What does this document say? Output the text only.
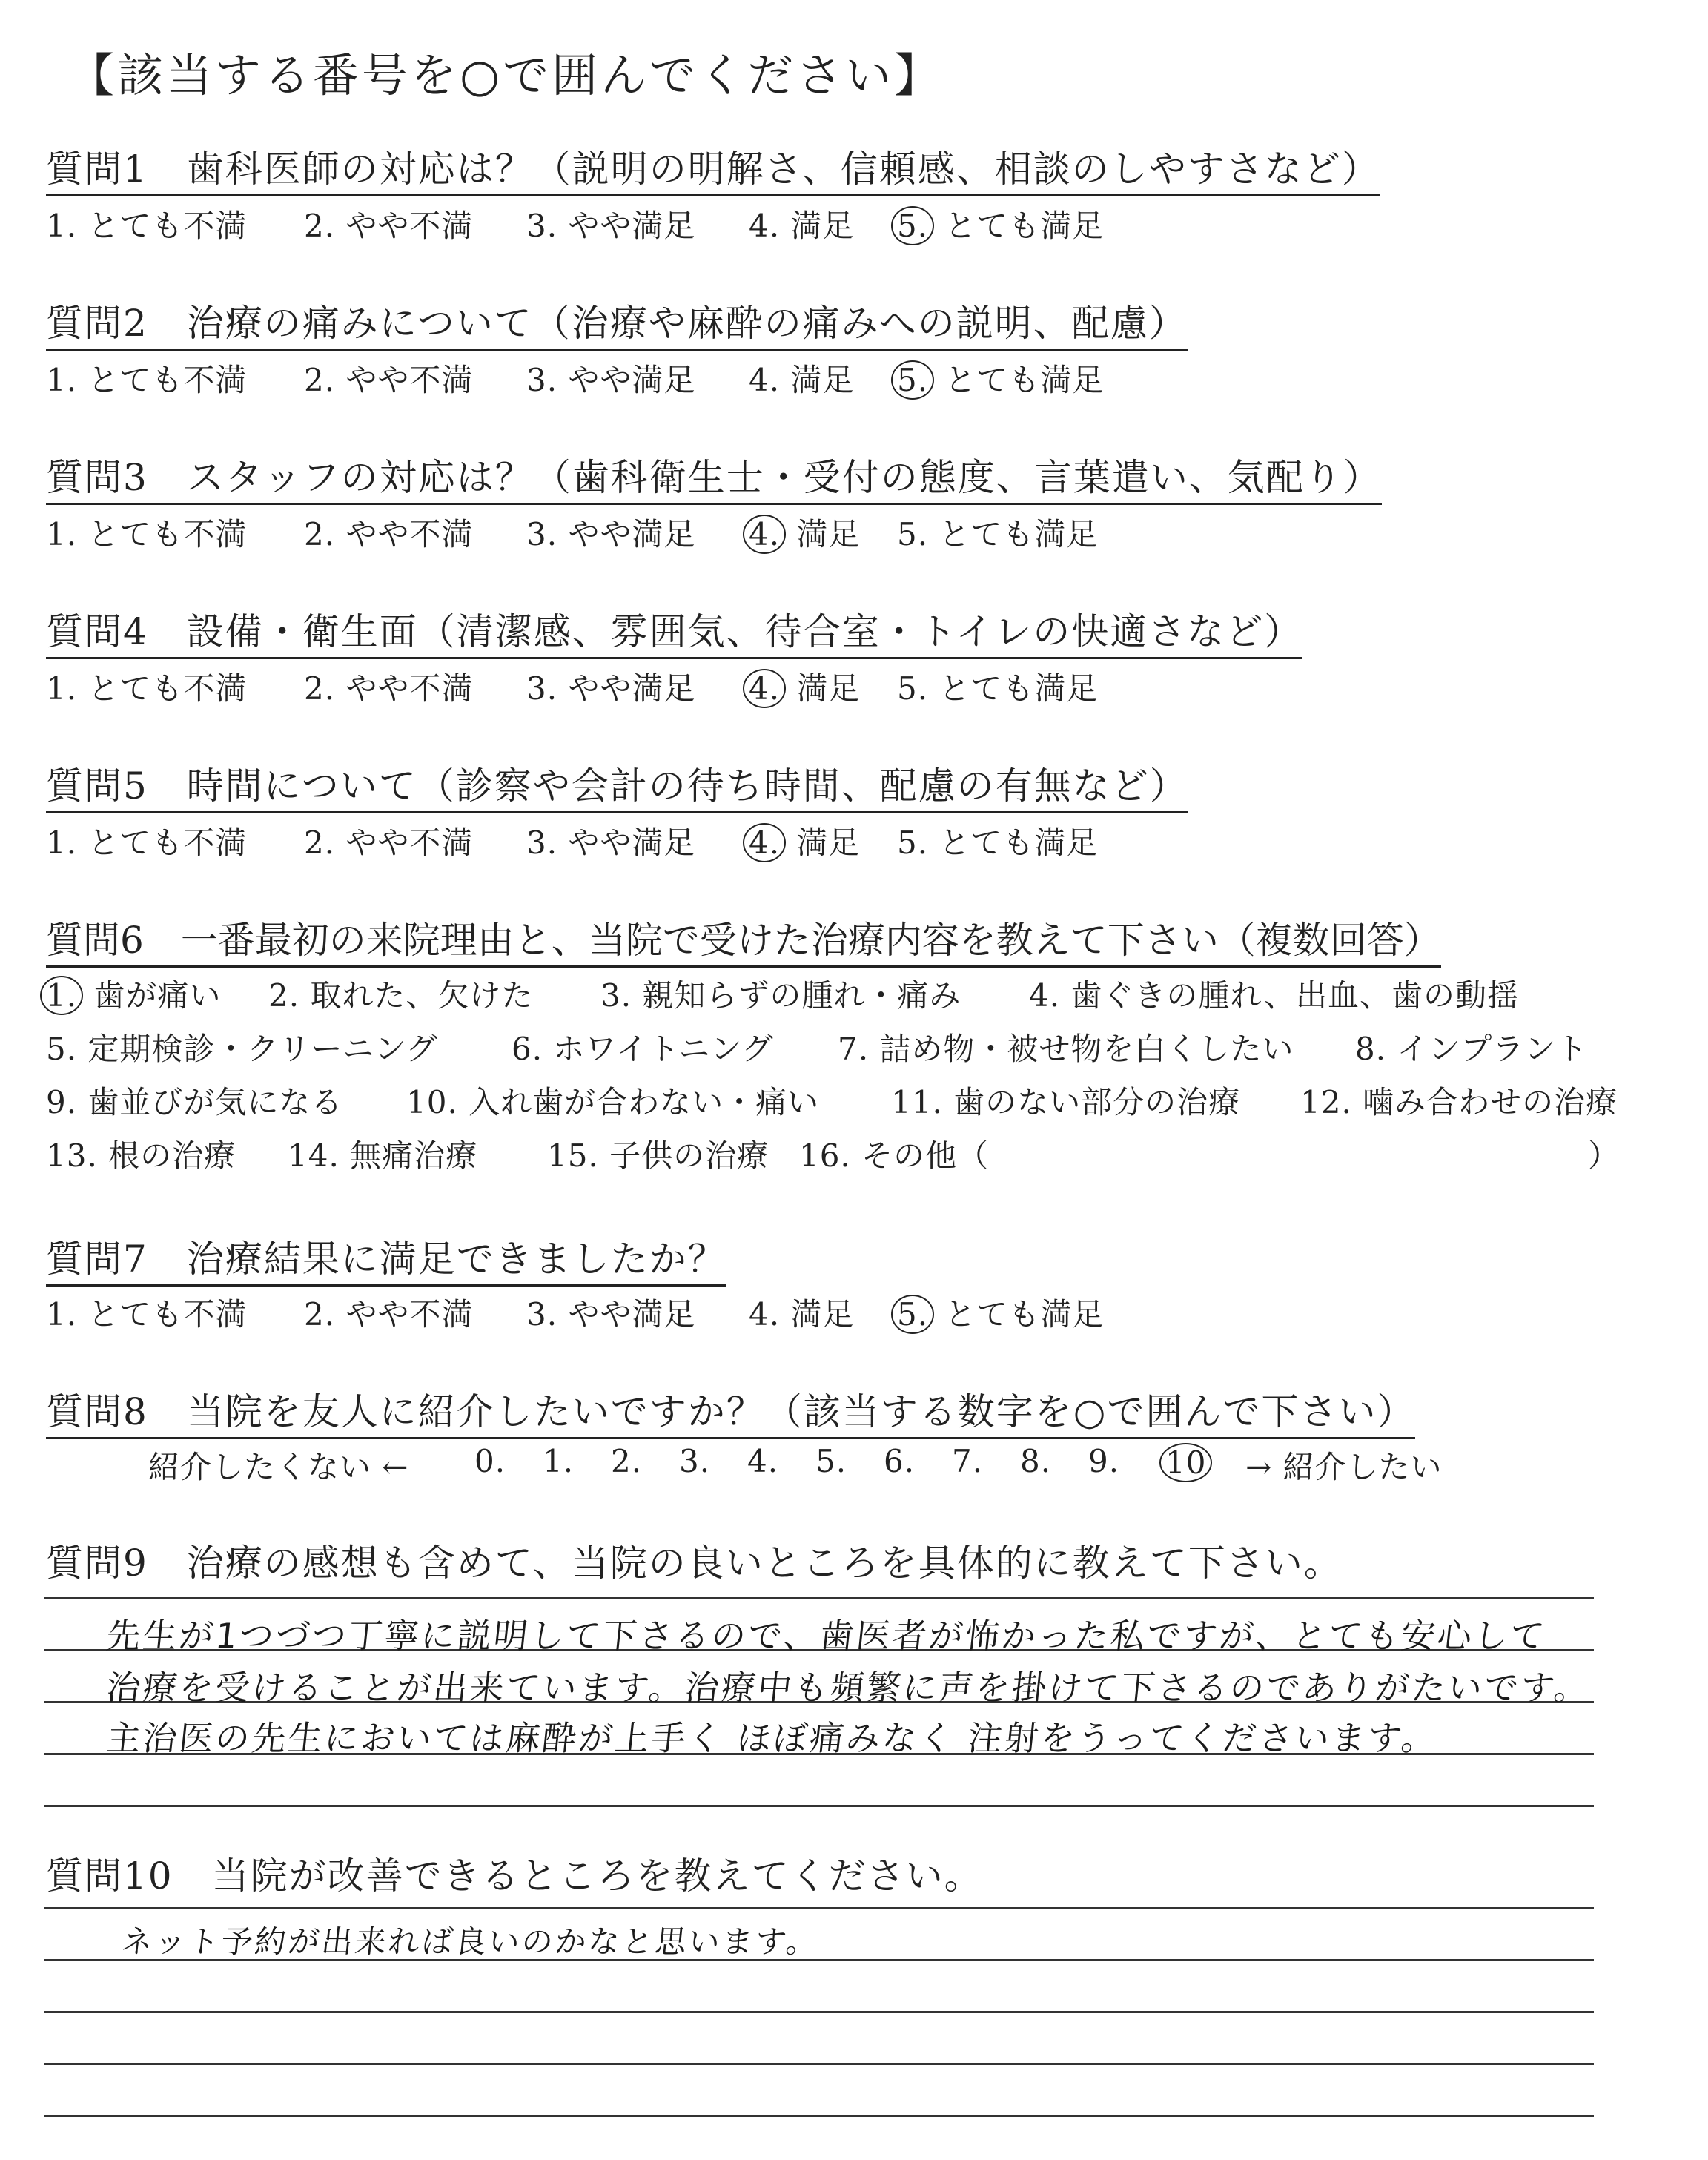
【該当する番号を○で囲んでください】
質問1　歯科医師の対応は？（説明の明解さ、信頼感、相談のしやすさなど）
1. とても不満 2. やや不満 3. やや満足 4. 満足 5. とても満足
質問2　治療の痛みについて（治療や麻酔の痛みへの説明、配慮）
1. とても不満 2. やや不満 3. やや満足 4. 満足 5. とても満足
質問3　スタッフの対応は？（歯科衛生士・受付の態度、言葉遣い、気配り）
1. とても不満 2. やや不満 3. やや満足 4. 満足 5. とても満足
質問4　設備・衛生面（清潔感、雰囲気、待合室・トイレの快適さなど）
1. とても不満 2. やや不満 3. やや満足 4. 満足 5. とても満足
質問5　時間について（診察や会計の待ち時間、配慮の有無など）
1. とても不満 2. やや不満 3. やや満足 4. 満足 5. とても満足
質問6　一番最初の来院理由と、当院で受けた治療内容を教えて下さい（複数回答）
1. 歯が痛い 2. 取れた、欠けた 3. 親知らずの腫れ・痛み 4. 歯ぐきの腫れ、出血、歯の動揺
5. 定期検診・クリーニング 6. ホワイトニング 7. 詰め物・被せ物を白くしたい 8. インプラント
9. 歯並びが気になる 10. 入れ歯が合わない・痛い 11. 歯のない部分の治療 12. 噛み合わせの治療
13. 根の治療 14. 無痛治療 15. 子供の治療 16. その他（	）
質問7　治療結果に満足できましたか？
1. とても不満 2. やや不満 3. やや満足 4. 満足 5. とても満足
質問8　当院を友人に紹介したいですか？（該当する数字を○で囲んで下さい）
紹介したくない ← 0. 1. 2. 3. 4. 5. 6. 7. 8. 9. 10 → 紹介したい
質問9　治療の感想も含めて、当院の良いところを具体的に教えて下さい。
先生が1つづつ丁寧に説明して下さるので、歯医者が怖かった私ですが、とても安心して
治療を受けることが出来ています。治療中も頻繁に声を掛けて下さるのでありがたいです。
主治医の先生においては麻酔が上手く ほぼ痛みなく 注射をうってくださいます。
質問10　当院が改善できるところを教えてください。
ネット予約が出来れば良いのかなと思います。
